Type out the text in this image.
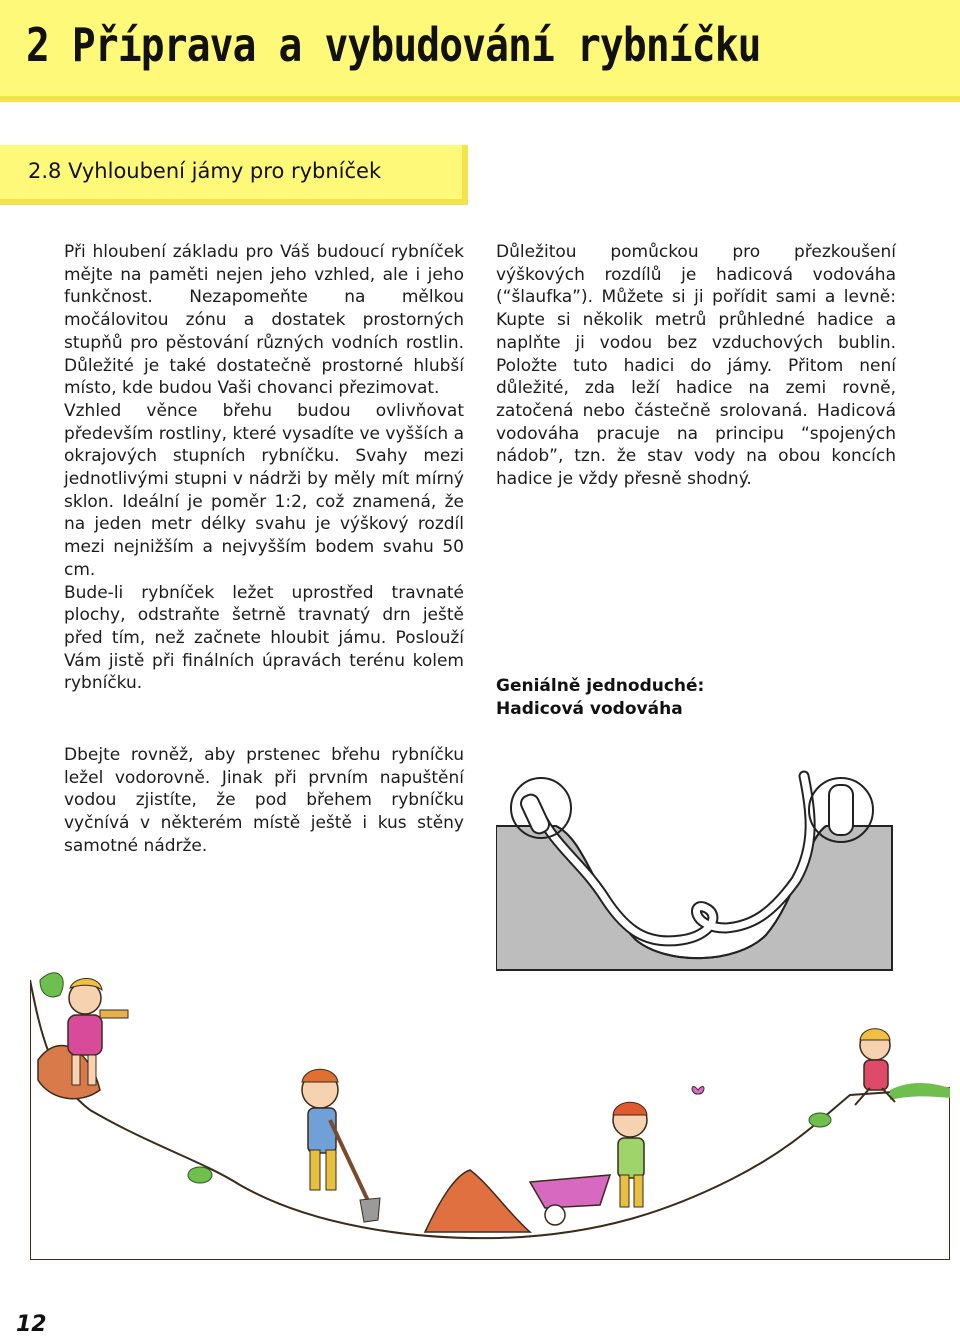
2 Příprava a vybudování rybníčku
2.8 Vyhloubení jámy pro rybníček

Při hloubení základu pro Váš budoucí rybníček mějte na paměti nejen jeho vzhled, ale i jeho funkčnost. Nezapomeňte na mělkou močálovitou zónu a dostatek prostorných stupňů pro pěstování různých vodních rostlin. Důležité je také dostatečně prostorné hlubší místo, kde budou Vaši chovanci přezimovat.

Vzhled věnce břehu budou ovlivňovat především rostliny, které vysadíte ve vyšších a okrajových stupních rybníčku. Svahy mezi jednotlivými stupni v nádrži by měly mít mírný sklon. Ideální je poměr 1:2, což znamená, že na jeden metr délky svahu je výškový rozdíl mezi nejnižším a nejvyšším bodem svahu 50 cm.

Bude-li rybníček ležet uprostřed travnaté plochy, odstraňte šetrně travnatý drn ještě před tím, než začnete hloubit jámu. Poslouží Vám jistě při finálních úpravách terénu kolem rybníčku.

Dbejte rovněž, aby prstenec břehu rybníčku ležel vodorovně. Jinak při prvním napuštění vodou zjistíte, že pod břehem rybníčku vyčnívá v některém místě ještě i kus stěny samotné nádrže.

Důležitou pomůckou pro přezkoušení výškových rozdílů je hadicová vodováha (“šlaufka”). Můžete si ji pořídit sami a levně: Kupte si několik metrů průhledné hadice a naplňte ji vodou bez vzduchových bublin. Položte tuto hadici do jámy. Přitom není důležité, zda leží hadice na zemi rovně, zatočená nebo částečně srolovaná. Hadicová vodováha pracuje na principu “spojených nádob”, tzn. že stav vody na obou koncích hadice je vždy přesně shodný.

Geniálně jednoduché:
Hadicová vodováha
12
